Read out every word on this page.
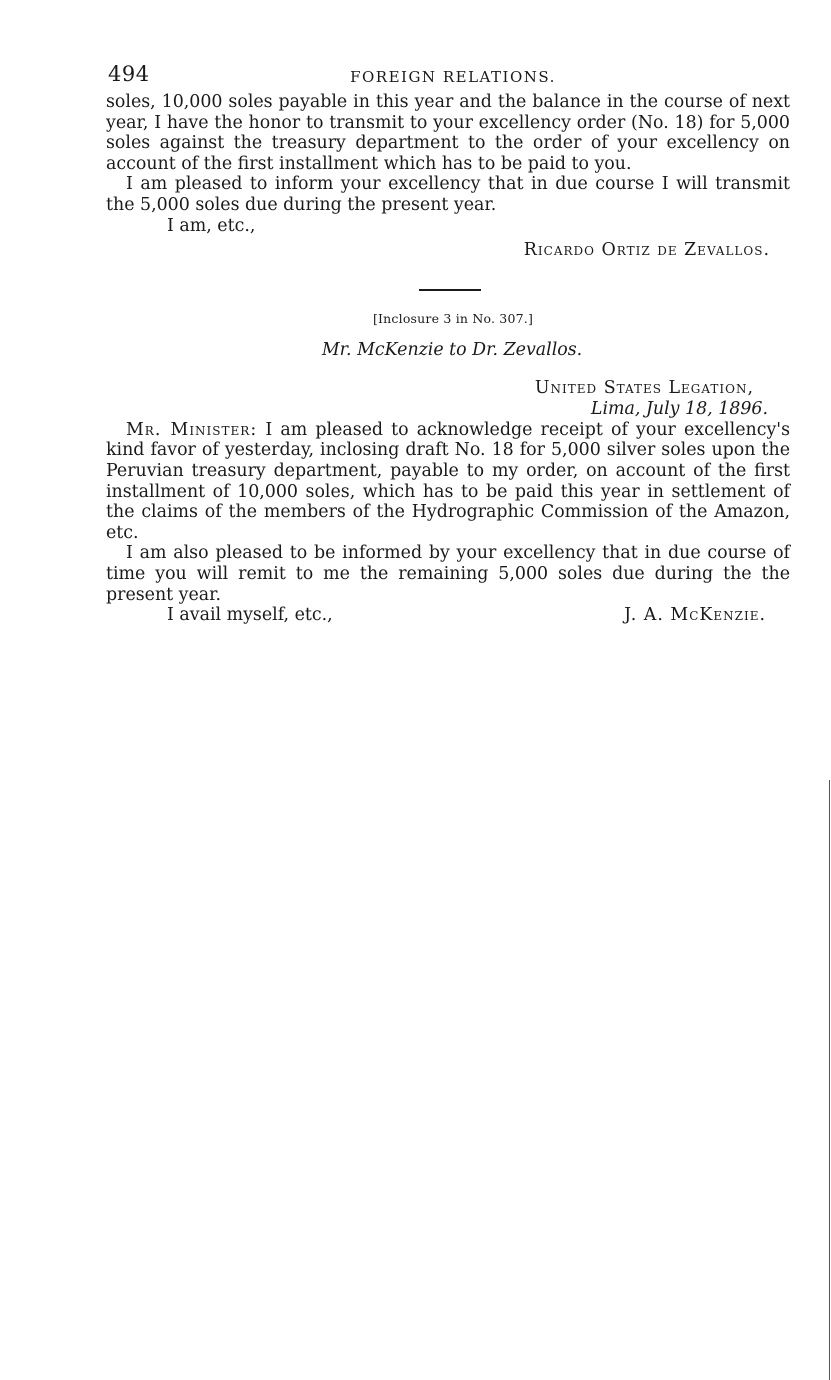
494	FOREIGN RELATIONS.

soles, 10,000 soles payable in this year and the balance in the course of next year, I have the honor to transmit to your excellency order (No. 18) for 5,000 soles against the treasury department to the order of your excellency on account of the first installment which has to be paid to you.

I am pleased to inform your excellency that in due course I will transmit the 5,000 soles due during the present year.

I am, etc.,

Ricardo Ortiz de Zevallos.
[Inclosure 3 in No. 307.]
Mr. McKenzie to Dr. Zevallos.
United States Legation,
Lima, July 18, 1896.

Mr. Minister: I am pleased to acknowledge receipt of your excellency's kind favor of yesterday, inclosing draft No. 18 for 5,000 silver soles upon the Peruvian treasury department, payable to my order, on account of the first installment of 10,000 soles, which has to be paid this year in settlement of the claims of the members of the Hydrographic Commission of the Amazon, etc.

I am also pleased to be informed by your excellency that in due course of time you will remit to me the remaining 5,000 soles due during the the present year.

I avail myself, etc.,	J. A. McKenzie.
